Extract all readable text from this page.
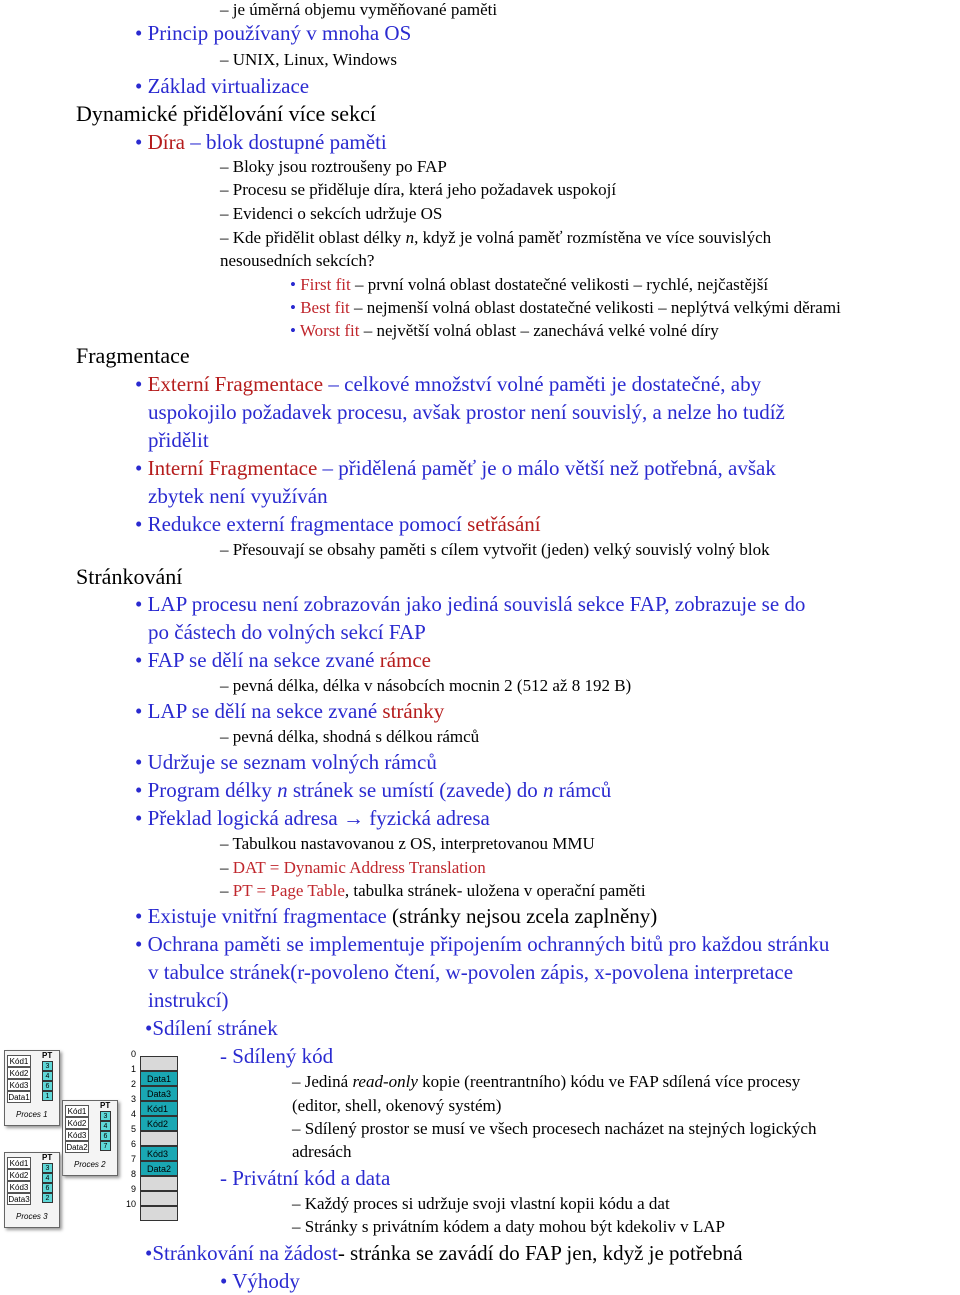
– je úměrná objemu vyměňované paměti
• Princip používaný v mnoha OS
– UNIX, Linux, Windows
• Základ virtualizace
Dynamické přidělování více sekcí
• Díra – blok dostupné paměti
– Bloky jsou roztroušeny po FAP
– Procesu se přiděluje díra, která jeho požadavek uspokojí
– Evidenci o sekcích udržuje OS
– Kde přidělit oblast délky n, když je volná paměť rozmístěna ve více souvislých
nesousedních sekcích?
• First fit – první volná oblast dostatečné velikosti – rychlé, nejčastější
• Best fit – nejmenší volná oblast dostatečné velikosti – neplýtvá velkými děrami
• Worst fit – největší volná oblast – zanechává velké volné díry
Fragmentace
• Externí Fragmentace – celkové množství volné paměti je dostatečné, aby
uspokojilo požadavek procesu, avšak prostor není souvislý, a nelze ho tudíž
přidělit
• Interní Fragmentace – přidělená paměť je o málo větší než potřebná, avšak
zbytek není využíván
• Redukce externí fragmentace pomocí setřásání
– Přesouvají se obsahy paměti s cílem vytvořit (jeden) velký souvislý volný blok
Stránkování
• LAP procesu není zobrazován jako jediná souvislá sekce FAP, zobrazuje se do
po částech do volných sekcí FAP
• FAP se dělí na sekce zvané rámce
– pevná délka, délka v násobcích mocnin 2 (512 až 8 192 B)
• LAP se dělí na sekce zvané stránky
– pevná délka, shodná s délkou rámců
• Udržuje se seznam volných rámců
• Program délky n stránek se umístí (zavede) do n rámců
• Překlad logická adresa → fyzická adresa
– Tabulkou nastavovanou z OS, interpretovanou MMU
– DAT = Dynamic Address Translation
– PT = Page Table, tabulka stránek- uložena v operační paměti
• Existuje vnitřní fragmentace (stránky nejsou zcela zaplněny)
• Ochrana paměti se implementuje připojením ochranných bitů pro každou stránku
v tabulce stránek(r-povoleno čtení, w-povolen zápis, x-povolena interpretace
instrukcí)
•Sdílení stránek
- Sdílený kód
– Jediná read-only kopie (reentrantního) kódu ve FAP sdílená více procesy
(editor, shell, okenový systém)
– Sdílený prostor se musí ve všech procesech nacházet na stejných logických
adresách
- Privátní kód a data
– Každý proces si udržuje svoji vlastní kopii kódu a dat
– Stránky s privátním kódem a daty mohou být kdekoliv v LAP
•Stránkování na žádost- stránka se zavádí do FAP jen, když je potřebná
• Výhody
Kód1
Kód2
Kód3
Data1
PT
3
4
6
1
Proces 1	Kód1
Kód2
Kód3
Data2
PT
3
4
6
7
Proces 2
Kód1
Kód2
Kód3
Data3
PT
3
4
6
2
Proces 3
0
1
2
3
4
5
6
7
8
9
10
Data1
Data3
Kód1
Kód2
Kód3
Data2
